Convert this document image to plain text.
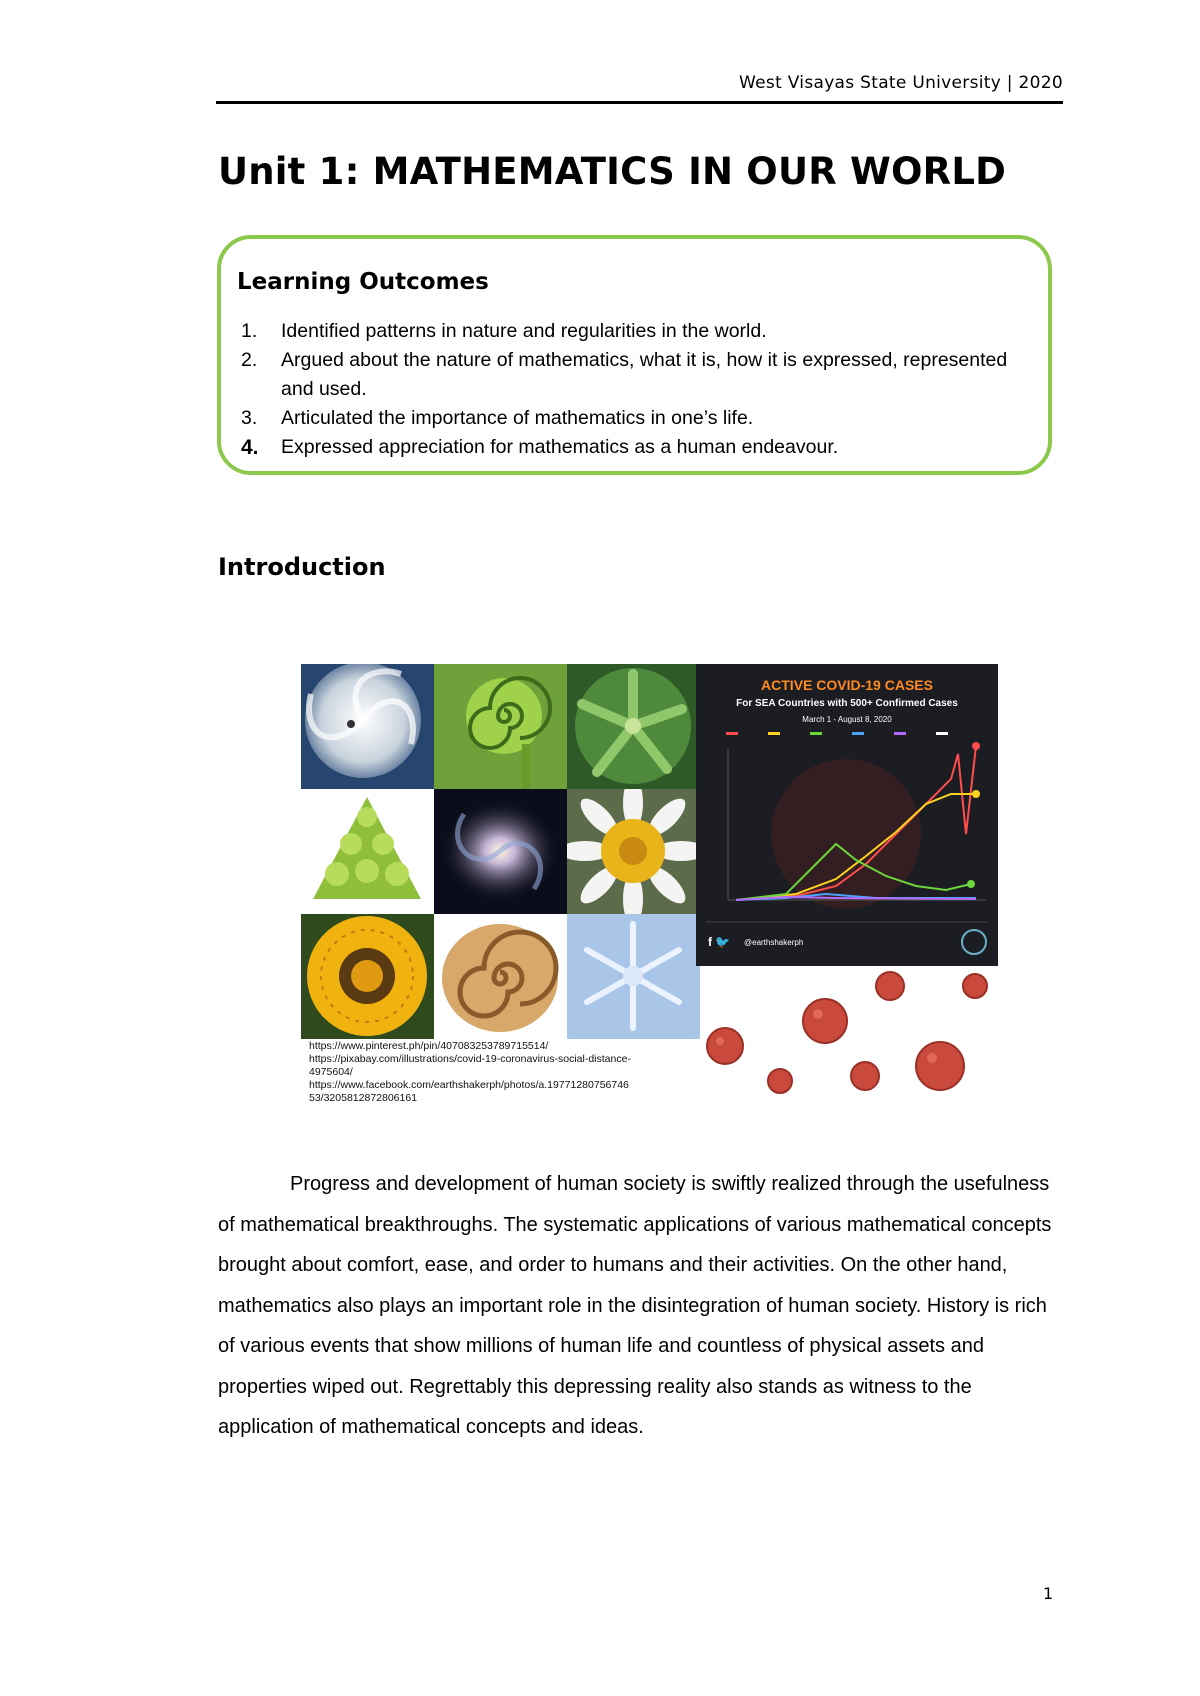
West Visayas State University | 2020
Unit 1: MATHEMATICS IN OUR WORLD
Learning Outcomes
1. Identified patterns in nature and regularities in the world.
2. Argued about the nature of mathematics, what it is, how it is expressed, represented and used.
3. Articulated the importance of mathematics in one’s life.
4. Expressed appreciation for mathematics as a human endeavour.
Introduction
ACTIVE COVID-19 CASES
For SEA Countries with 500+ Confirmed Cases
March 1 - August 8, 2020
f 🐦 @earthshakerph
https://www.pinterest.ph/pin/407083253789715514/
https://pixabay.com/illustrations/covid-19-coronavirus-social-distance-
4975604/
https://www.facebook.com/earthshakerph/photos/a.19771280756746
53/3205812872806161

Progress and development of human society is swiftly realized through the usefulness of mathematical breakthroughs. The systematic applications of various mathematical concepts brought about comfort, ease, and order to humans and their activities. On the other hand, mathematics also plays an important role in the disintegration of human society. History is rich of various events that show millions of human life and countless of physical assets and properties wiped out. Regrettably this depressing reality also stands as witness to the application of mathematical concepts and ideas.

1
